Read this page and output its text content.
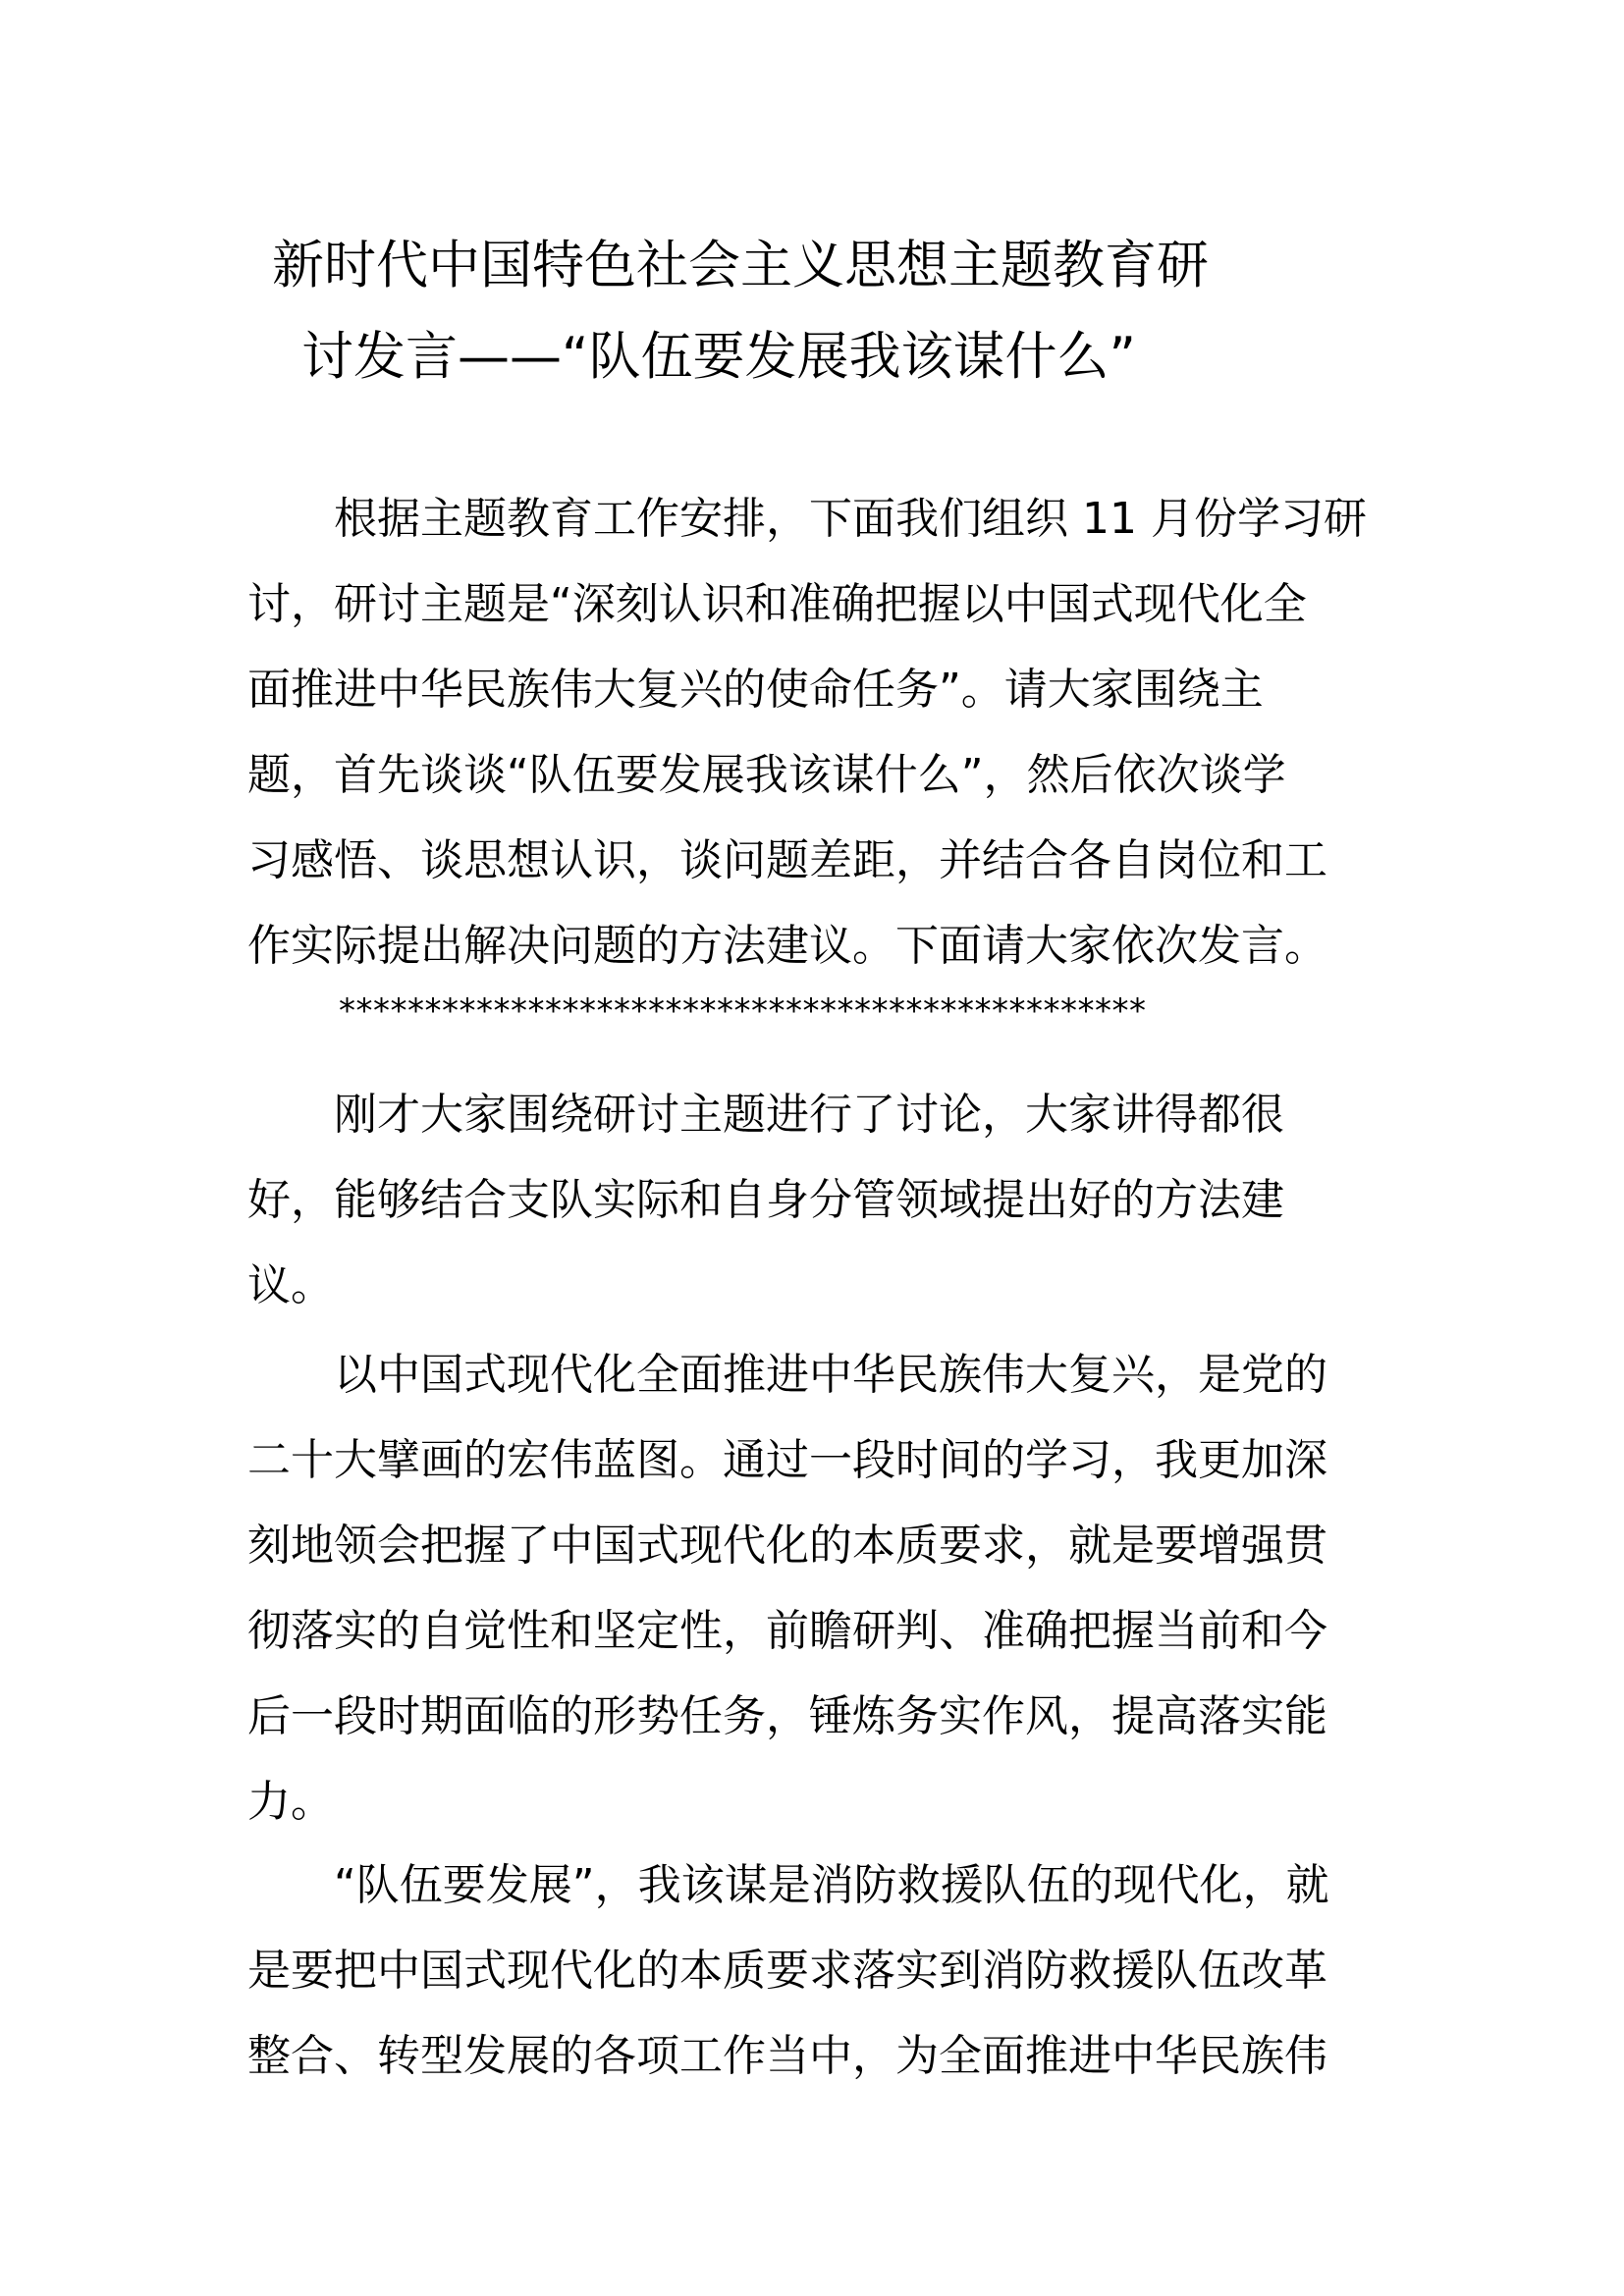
新时代中国特色社会主义思想主题教育研
讨发言——“队伍要发展我该谋什么”
根据主题教育工作安排，下面我们组织 11 月份学习研
讨，研讨主题是“深刻认识和准确把握以中国式现代化全
面推进中华民族伟大复兴的使命任务”。请大家围绕主
题，首先谈谈“队伍要发展我该谋什么”，然后依次谈学
习感悟、谈思想认识，谈问题差距，并结合各自岗位和工
作实际提出解决问题的方法建议。下面请大家依次发言。
***********************************************
刚才大家围绕研讨主题进行了讨论，大家讲得都很
好，能够结合支队实际和自身分管领域提出好的方法建
议。
以中国式现代化全面推进中华民族伟大复兴，是党的
二十大擘画的宏伟蓝图。通过一段时间的学习，我更加深
刻地领会把握了中国式现代化的本质要求，就是要增强贯
彻落实的自觉性和坚定性，前瞻研判、准确把握当前和今
后一段时期面临的形势任务，锤炼务实作风，提高落实能
力。
“队伍要发展”，我该谋是消防救援队伍的现代化，就
是要把中国式现代化的本质要求落实到消防救援队伍改革
整合、转型发展的各项工作当中，为全面推进中华民族伟
